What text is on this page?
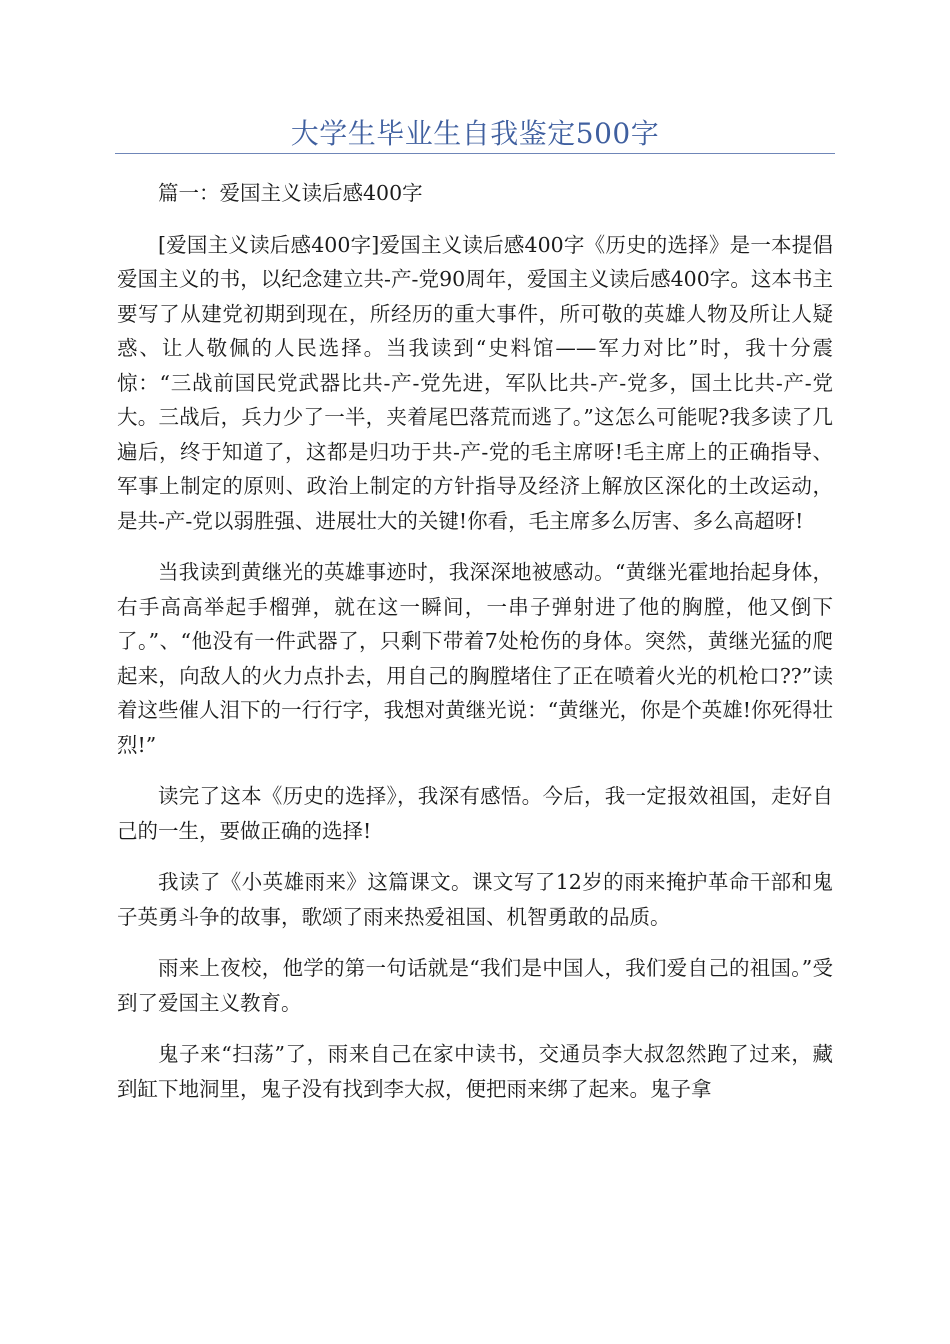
大学生毕业生自我鉴定500字

篇一：爱国主义读后感400字

[爱国主义读后感400字]爱国主义读后感400字《历史的选择》是一本提倡爱国主义的书，以纪念建立共-产-党90周年，爱国主义读后感400字。这本书主要写了从建党初期到现在，所经历的重大事件，所可敬的英雄人物及所让人疑惑、让人敬佩的人民选择。当我读到“史料馆——军力对比”时，我十分震惊：“三战前国民党武器比共-产-党先进，军队比共-产-党多，国土比共-产-党大。三战后，兵力少了一半，夹着尾巴落荒而逃了。”这怎么可能呢?我多读了几遍后，终于知道了，这都是归功于共-产-党的毛主席呀!毛主席上的正确指导、军事上制定的原则、政治上制定的方针指导及经济上解放区深化的土改运动，是共-产-党以弱胜强、进展壮大的关键!你看，毛主席多么厉害、多么高超呀!

当我读到黄继光的英雄事迹时，我深深地被感动。“黄继光霍地抬起身体，右手高高举起手榴弹，就在这一瞬间，一串子弹射进了他的胸膛，他又倒下了。”、“他没有一件武器了，只剩下带着7处枪伤的身体。突然，黄继光猛的爬起来，向敌人的火力点扑去，用自己的胸膛堵住了正在喷着火光的机枪口??”读着这些催人泪下的一行行字，我想对黄继光说：“黄继光，你是个英雄!你死得壮烈!”

读完了这本《历史的选择》，我深有感悟。今后，我一定报效祖国，走好自己的一生，要做正确的选择!

我读了《小英雄雨来》这篇课文。课文写了12岁的雨来掩护革命干部和鬼子英勇斗争的故事，歌颂了雨来热爱祖国、机智勇敢的品质。

雨来上夜校，他学的第一句话就是“我们是中国人，我们爱自己的祖国。”受到了爱国主义教育。

鬼子来“扫荡”了，雨来自己在家中读书，交通员李大叔忽然跑了过来，藏到缸下地洞里，鬼子没有找到李大叔，便把雨来绑了起来。鬼子拿
